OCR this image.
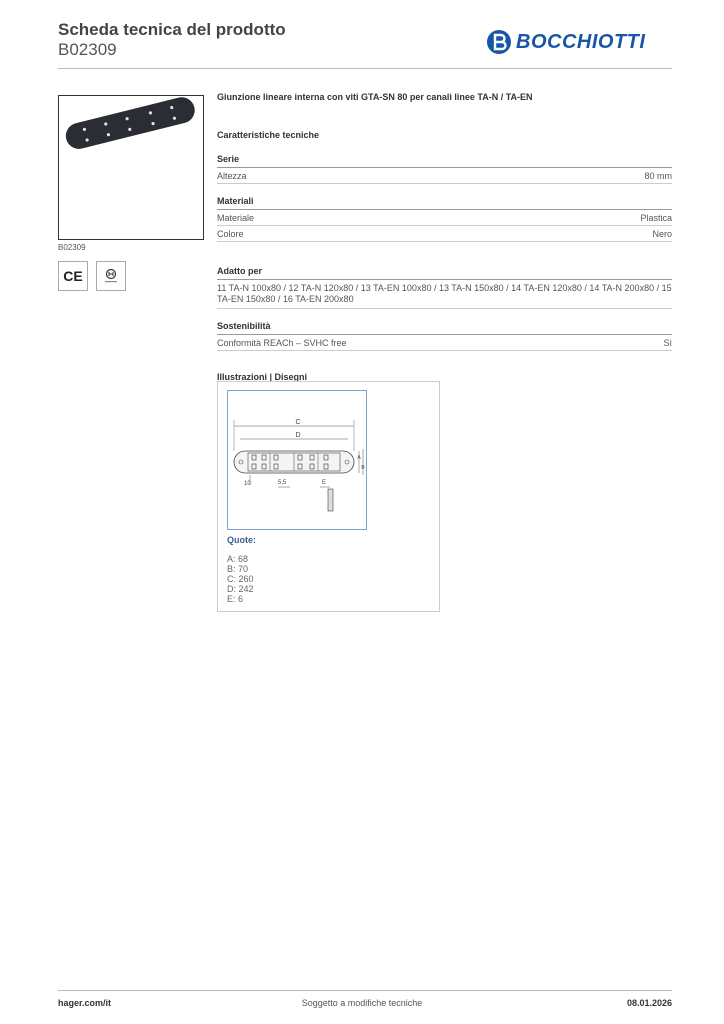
Scheda tecnica del prodotto
B02309	BOCCHIOTTI
B02309
CE
Giunzione lineare interna con viti GTA-SN 80 per canali linee TA-N / TA-EN
Caratteristiche tecniche
Serie
Altezza	80 mm
Materiali
Materiale	Plastica
Colore	Nero
Adatto per
11 TA-N 100x80 / 12 TA-N 120x80 / 13 TA-EN 100x80 / 13 TA-N 150x80 / 14 TA-EN 120x80 / 14 TA-N 200x80 / 15 TA-EN 150x80 / 16 TA-EN 200x80
Sostenibilità
Conformità REACh – SVHC free	Sì
Illustrazioni | Disegni
C
D
A
B
10	5,5	E
Quote:
A: 68
B: 70
C: 260
D: 242
E: 6
hager.com/it	Soggetto a modifiche tecniche	08.01.2026
